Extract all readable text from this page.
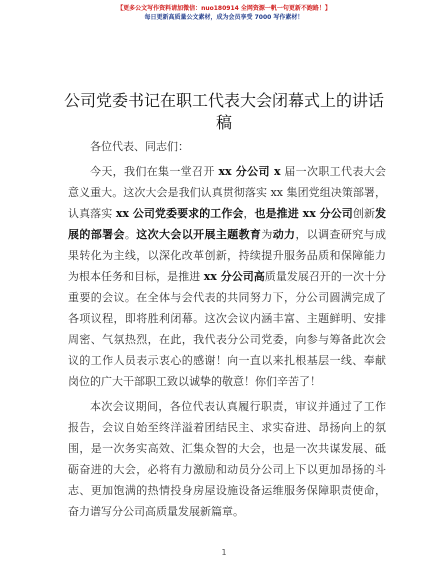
【更多公文写作资料请加微信：nuo180914 全网资源一帆一句更新不跑路！】
每日更新高质量公文素材，成为会员享受 7000 写作素材！
公司党委书记在职工代表大会闭幕式上的讲话稿

各位代表、同志们：

今天，我们在集一堂召开 xx 分公司 x 届一次职工代表大会意义重大。这次大会是我们认真贯彻落实 xx 集团党组决策部署，认真落实 xx 公司党委要求的工作会，也是推进 xx 分公司创新发展的部署会。这次大会以开展主题教育为动力，以调查研究与成果转化为主线，以深化改革创新，持续提升服务品质和保障能力为根本任务和目标，是推进 xx 分公司高质量发展召开的一次十分重要的会议。在全体与会代表的共同努力下，分公司圆满完成了各项议程，即将胜利闭幕。这次会议内涵丰富、主题鲜明、安排周密、气氛热烈，在此，我代表分公司党委，向参与筹备此次会议的工作人员表示衷心的感谢！向一直以来扎根基层一线、奉献岗位的广大干部职工致以诚挚的敬意！你们辛苦了！

本次会议期间，各位代表认真履行职责，审议并通过了工作报告，会议自始至终洋溢着团结民主、求实奋进、昂扬向上的氛围，是一次务实高效、汇集众智的大会，也是一次共谋发展、砥砺奋进的大会，必将有力激励和动员分公司上下以更加昂扬的斗志、更加饱满的热情投身房屋设施设备运维服务保障职责使命，奋力谱写分公司高质量发展新篇章。

1
